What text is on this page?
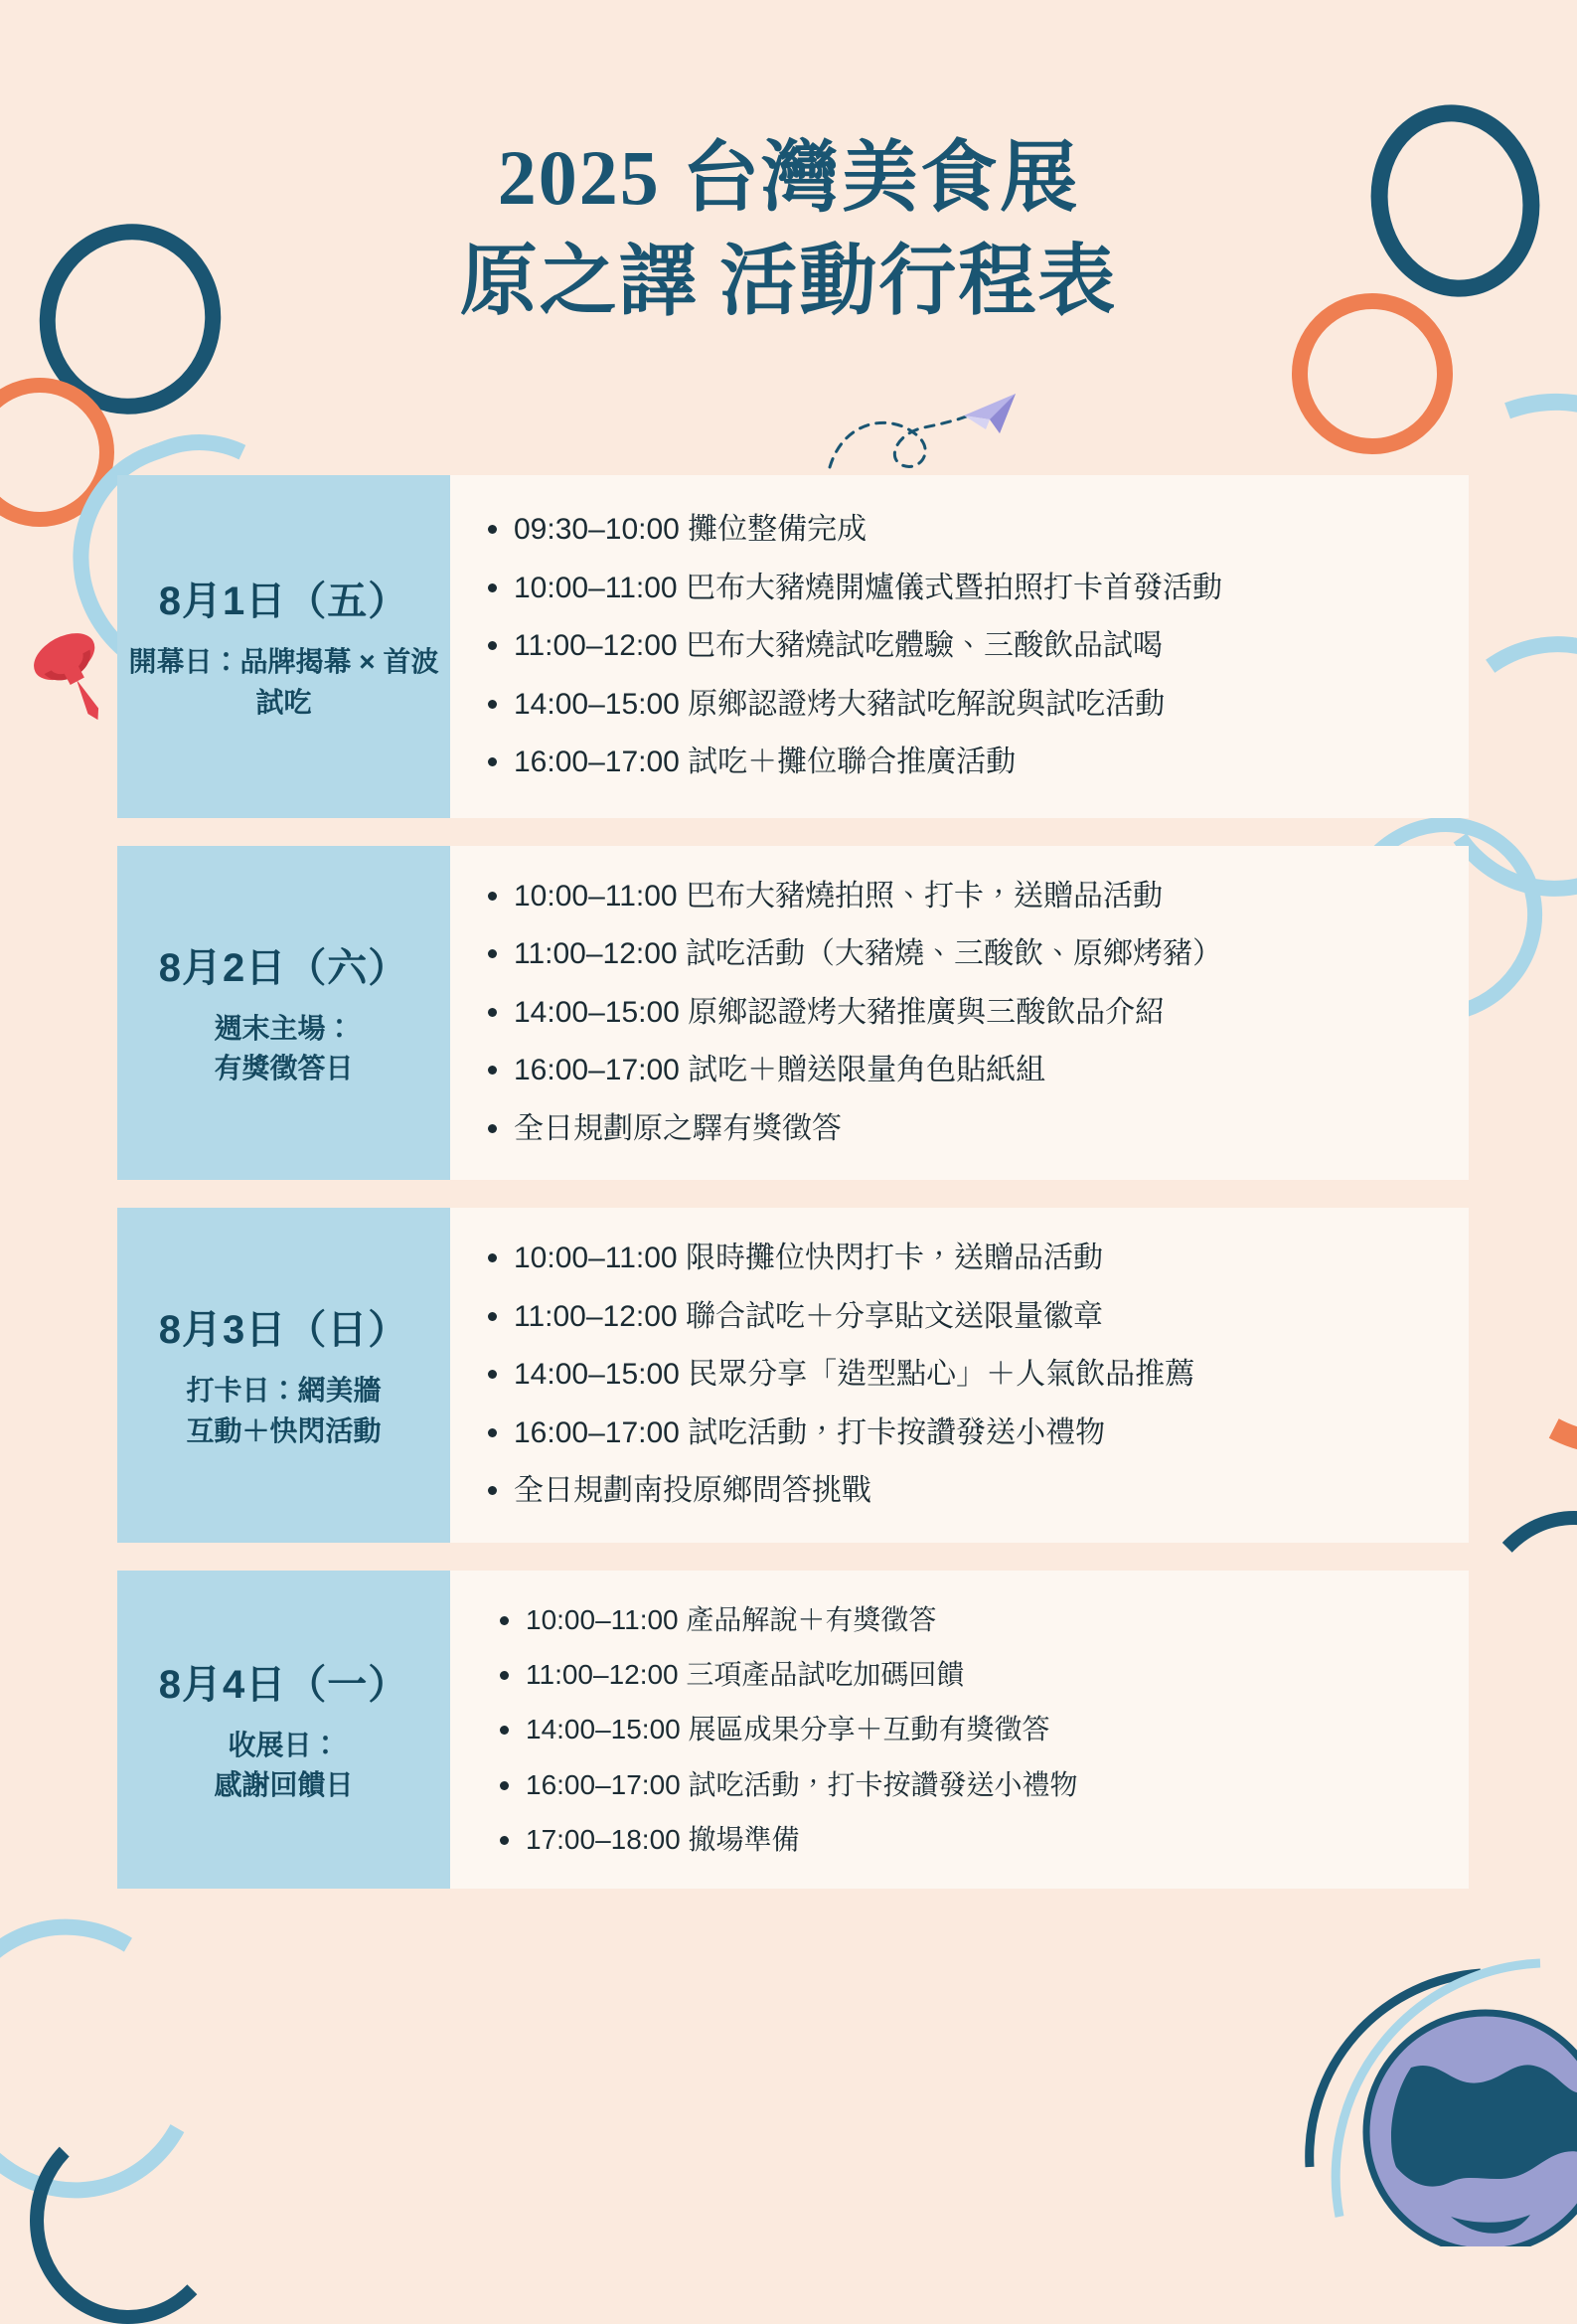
2025 台灣美食展
原之譯 活動行程表
8月1日（五）
開幕日：品牌揭幕 × 首波試吃
09:30–10:00 攤位整備完成
10:00–11:00 巴布大豬燒開爐儀式暨拍照打卡首發活動
11:00–12:00 巴布大豬燒試吃體驗、三酸飲品試喝
14:00–15:00 原鄉認證烤大豬試吃解說與試吃活動
16:00–17:00 試吃＋攤位聯合推廣活動
8月2日（六）
週末主場：
有獎徵答日
10:00–11:00 巴布大豬燒拍照、打卡，送贈品活動
11:00–12:00 試吃活動（大豬燒、三酸飲、原鄉烤豬）
14:00–15:00 原鄉認證烤大豬推廣與三酸飲品介紹
16:00–17:00 試吃＋贈送限量角色貼紙組
全日規劃原之驛有獎徵答
8月3日（日）
打卡日：網美牆
互動＋快閃活動
10:00–11:00 限時攤位快閃打卡，送贈品活動
11:00–12:00 聯合試吃＋分享貼文送限量徽章
14:00–15:00 民眾分享「造型點心」＋人氣飲品推薦
16:00–17:00 試吃活動，打卡按讚發送小禮物
全日規劃南投原鄉問答挑戰
8月4日（一）
收展日：
感謝回饋日
10:00–11:00 產品解說＋有獎徵答
11:00–12:00 三項產品試吃加碼回饋
14:00–15:00 展區成果分享＋互動有獎徵答
16:00–17:00 試吃活動，打卡按讚發送小禮物
17:00–18:00 撤場準備
